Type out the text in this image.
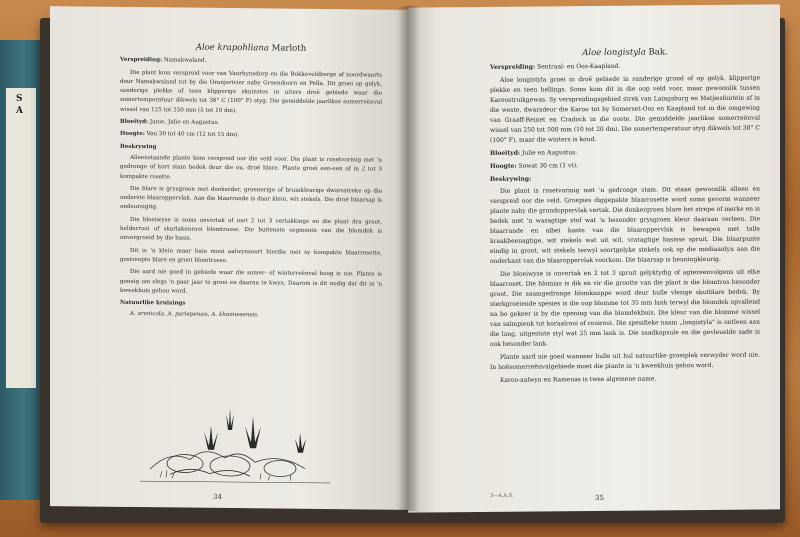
S
A
Aloe krapohliana Marloth

Verspreiding: Namakwaland.

Die plant kom verspreid voor van Vanrhynsdorp en die Bokkeveldberge af noordwaarts deur Namakwaland tot by die Oranjerivier naby Groendoorn en Pella. Dit groei op gelyk, sanderige plekke of teen klipperige skuinstes in uiters droë gebiede waar die somertemperatuur dikwels tot 38° C (100° F) styg. Die gemiddelde jaarlikse somerreënval wissel van 125 tot 250 mm (5 tot 10 dm).

Bloeityd: Junie, Julie en Augustus.

Hoogte: Van 30 tot 40 cm (12 tot 15 dm).

Beskrywing

Alleenstaande plante kom verspreid oor die veld voor. Die plant is rosetvormig met 'n gedronge of kort stam bedek deur die ou, droë blare. Plante groei een-een of in 2 tot 3 kompakte rosette.

Die blare is grysgroen met donkerder, groenerige of bruinkleurige dwarsstreke op die onderste blaaroppervlak. Aan die blaarrande is daar klein, wit stekels. Die droë blaarsap is ondeursigtig.

Die bloeiwyse is soms onvertak of met 2 tot 3 vertakkings en die plant dra groot, helderrooi of skarlakenrooi blomtrosse. Die buitenste segmente van die blomdek is onvergroeid by die basis.

Dit is 'n klein maar baie mooi aalwynsoort hierdie met sy kompakte blaarrosette, gestreepte blare en groot blomtrosse.

Die aard nie goed in gebiede waar die somer- of winterreënval hoog is nie. Plante is geneig om slegs 'n paar jaar te groei en daarna te kwyn. Daarom is dit nodig dat dit in 'n kweekhuis gehou word.

Natuurlike kruisings
A. arenicola, A. pariepensis, A. khamiesensis.
34
Aloe longistyla Bak.

Verspreiding: Sentraal- en Oos-Kaapland.

Aloe longistyla groei in droë gebiede in sanderige grond of op gelyk, klipperige plekke en teen hellings. Soms kom dit in die oop veld voor, maar gewoonlik tussen Karoostruikgewas. Sy verspreidingsgebied strek van Laingsburg en Matjiesfontein af in die weste, dwarsdeur die Karoo tot by Somerset-Oos en Kaapland tot in die omgewing van Graaff-Reinet en Cradock in die ooste. Die gemiddelde jaarlikse somerreënval wissel van 250 tot 500 mm (10 tot 20 dm). Die somertemperatuur styg dikwels tot 38° C (100° F), maar die winters is koud.

Bloeityd: Julie en Augustus.

Hoogte: Sowat 30 cm (1 vt).

Beskrywing:

Die plant is rosetvormig met 'n gedronge stam. Dit staan gewoonlik alleen en verspreid oor die veld. Groepies diggepakte blaarrosette word soms gevorm wanneer plante naby die grondoppervlak vertak. Die donkergroen blare het strepe of merke en is bedek met 'n wasagtige stof wat 'n besonder grysgroen kleur daaraan verleen. Die blaarrande en albei kante van die blaaroppervlak is bewapen met talle kraakbeenagtige, wit stekels wat uit wit, vratagtige basisse spruit. Die blaarpunte eindig in groot, wit stekels terwyl soortgelyke stekels ook op die mediaanlyn aan die onderkant van die blaaroppervlak voorkom. Die blaarsap is heuningkleurig.

Die bloeiwyse is onvertak en 2 tot 3 spruit gelyktydig of agtereenvolgens uit elke blaarroset. Die blomias is dik en vir die grootte van die plant is die blomtros besonder groot. Die saamgedronge blomknoppe word deur hulle vlesige skutblare bedek. By sterkgroeiende spesies is die oop blomme tot 35 mm lank terwyl die blomdek opvallend na bo gekeer is by die opening van die blomdekbuis. Die kleur van die blomme wissel van salmpienk tot koraalrooi of rooirooi. Die spesifieke naam „longistyla" is ontleen aan die lang, uitgestote styl wat 25 mm lank is. Die saadkapsule en die gevleuelde sade is ook besonder lank.

Plante aard nie goed wanneer hulle uit hul natuurlike groeiplek verwyder word nie. In hoësomerreënvalgebiede moet die plante in 'n kweekhuis gehou word.

Karoo-aalwyn en Ramenas is twee algemene name.

3—A.A.S.	35
